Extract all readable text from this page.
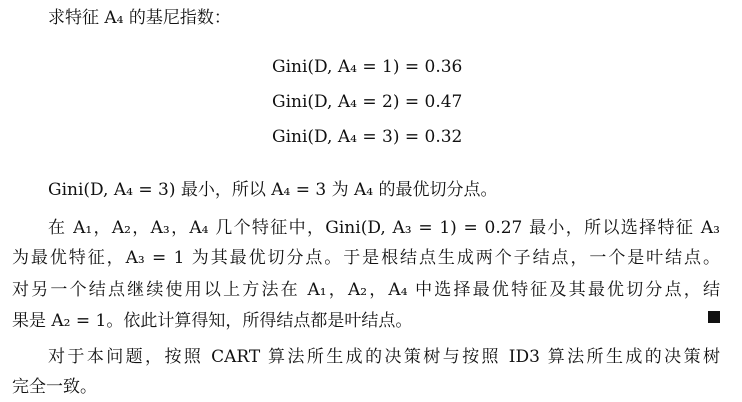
求特征 A₄ 的基尼指数：
Gini(D, A₄ = 1) = 0.36
Gini(D, A₄ = 2) = 0.47
Gini(D, A₄ = 3) = 0.32
Gini(D, A₄ = 3) 最小，所以 A₄ = 3 为 A₄ 的最优切分点。
在 A₁，A₂，A₃，A₄ 几个特征中，Gini(D, A₃ = 1) = 0.27 最小，所以选择特征 A₃
为最优特征，A₃ = 1 为其最优切分点。于是根结点生成两个子结点，一个是叶结点。
对另一个结点继续使用以上方法在 A₁，A₂，A₄ 中选择最优特征及其最优切分点，结
果是 A₂ = 1。依此计算得知，所得结点都是叶结点。
对于本问题，按照 CART 算法所生成的决策树与按照 ID3 算法所生成的决策树
完全一致。
